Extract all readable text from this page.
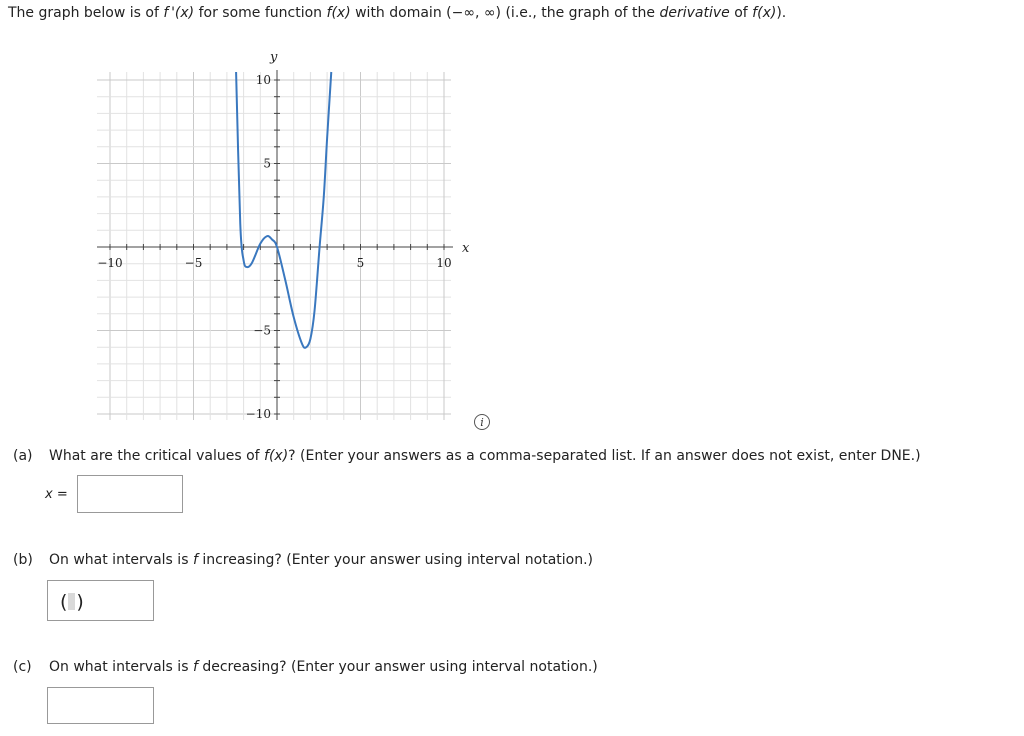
The graph below is of f '(x) for some function f(x) with domain (−∞, ∞) (i.e., the graph of the derivative of f(x)).
−10	−5	5	10
10
5
−5
−10
x
y
i
(a) What are the critical values of f(x)? (Enter your answers as a comma-separated list. If an answer does not exist, enter DNE.)
x =
(b) On what intervals is f increasing? (Enter your answer using interval notation.)
( )
(c) On what intervals is f decreasing? (Enter your answer using interval notation.)
